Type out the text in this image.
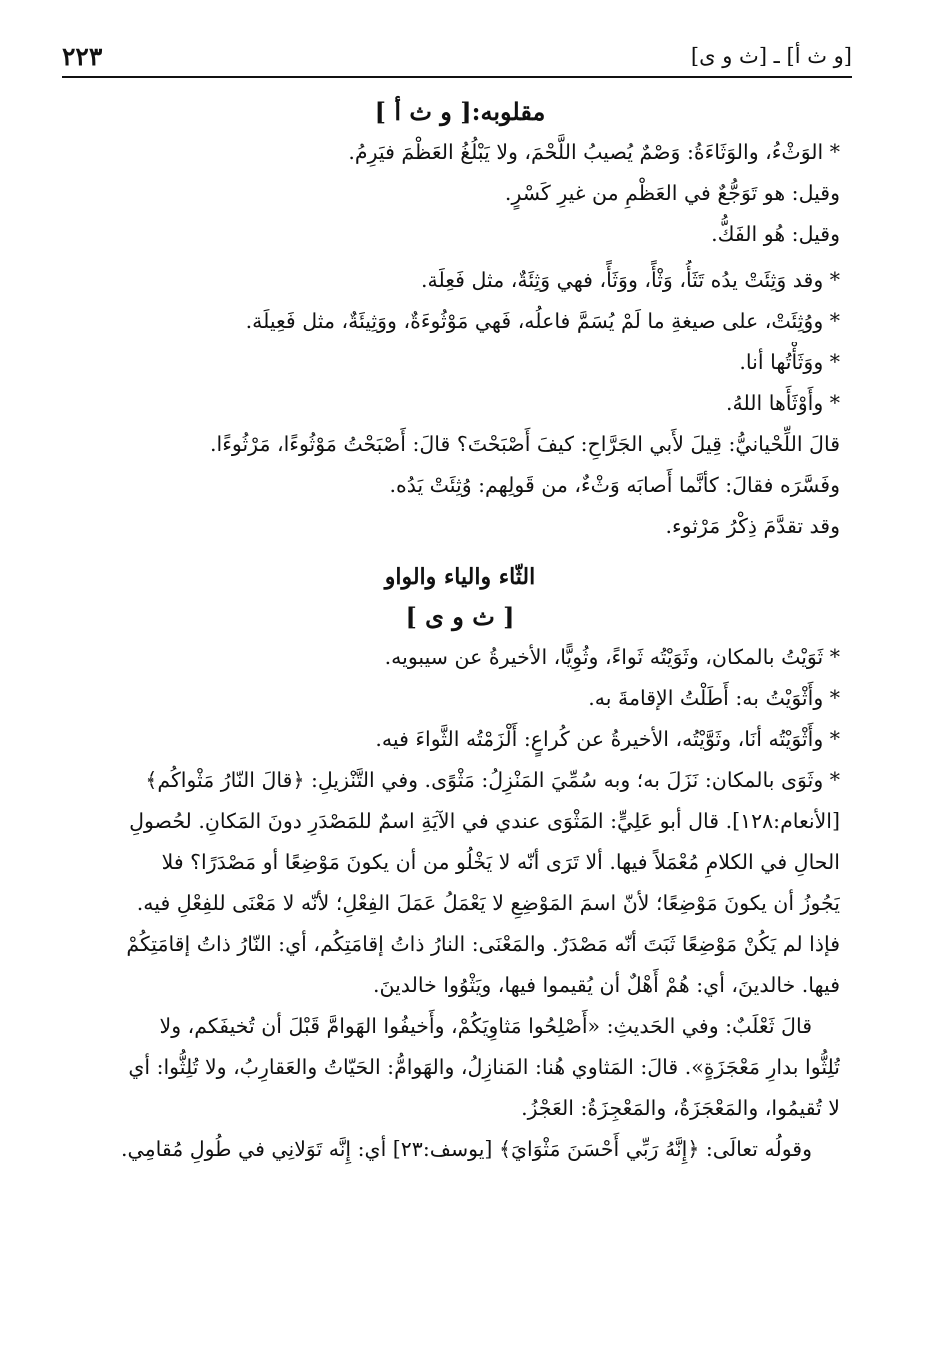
٢٢٣	[و ث أ] ـ [ث و ى]
مقلوبه:[ و ث أ ]

* الوَثْءُ، والوَثَاءَةُ: وَصْمٌ يُصيبُ اللَّحْمَ، ولا يَبْلُغُ العَظْمَ فيَرِمُ.

وقيل: هو تَوَجُّعٌ في العَظْمِ من غيرِ كَسْرٍ.

وقيل: هُو الفَكُّ.

* وقد وَثِئَتْ يدُه تَثَأُ، وَثْأً، ووَثَأً، فهي وَثِئَةٌ، مثل فَعِلَة.

* ووُثِئَتْ، على صيغةِ ما لَمْ يُسَمَّ فاعلُه، فَهي مَوْثُوءَةٌ، ووَثِيئَةٌ، مثل فَعِيلَة.

* ووَثَأْتُها أنا.

* وأَوْثَأَها اللهُ.

قالَ اللِّحْيانيُّ: قِيلَ لأَبي الجَرَّاحِ: كيفَ أَصْبَحْتَ؟ قالَ: أَصْبَحْتُ مَوْثُوءًا، مَرْثُوءًا.

وفَسَّرَه فقالَ: كأنَّما أَصابَه وَثْءٌ، من قَولِهم: وُثِئَتْ يَدُه.

وقد تقدَّمَ ذِكْرُ مَرْثوء.

الثّاء والياء والواو
[ ث و ى ]

* ثَوَيْتُ بالمكان، وثَوَيْتُه ثَواءً، وثُوِيًّا، الأخيرةُ عن سيبويه.

* وأَثْوَيْتُ به: أَطَلْتُ الإقامةَ به.

* وأَثْوَيْتُه أنَا، وثَوَّيْتُه، الأخيرةُ عن كُراعٍ: أَلْزَمْتُه الثَّواءَ فيه.

* وثَوَى بالمكان: نَزَلَ به؛ وبه سُمِّيَ المَنْزِلُ: مَثْوًى. وفي التَّنْزيلِ: ﴿قالَ النّارُ مَثْواكُم﴾

[الأنعام:١٢٨]. قال أبو عَلِيٍّ: المَثْوَى عندي في الآيَةِ اسمٌ للمَصْدَرِ دونَ المَكانِ. لحُصولِ

الحالِ في الكلامِ مُعْمَلاً فيها. ألا تَرَى أنّه لا يَخْلُو من أن يكونَ مَوْضِعًا أو مَصْدَرًا؟ فلا

يَجُوزُ أن يكونَ مَوْضِعًا؛ لأنّ اسمَ المَوْضِعِ لا يَعْمَلُ عَمَلَ الفِعْلِ؛ لأنّه لا مَعْنَى للفِعْلِ فيه.

فإذا لم يَكُنْ مَوْضِعًا ثَبَتَ أنّه مَصْدَرٌ. والمَعْنَى: النارُ ذاتُ إقامَتِكُم، أي: النّارُ ذاتُ إقامَتِكُمْ

فيها. خالدينَ، أي: هُمْ أَهْلٌ أن يُقيموا فيها، ويَثْوُوا خالدينَ.

قالَ ثَعْلَبٌ: وفي الحَديثِ: «أَصْلِحُوا مَثاوِيَكُمْ، وأَخيفُوا الهَوامَّ قَبْلَ أن تُخيفَكم، ولا

تُلِثُّوا بدارِ مَعْجَزَةٍ». قالَ: المَثاوي هُنا: المَنازِلُ، والهَوامُّ: الحَيّاتُ والعَقارِبُ، ولا تُلِثُّوا: أي

لا تُقيمُوا، والمَعْجَزَةُ، والمَعْجِزَةُ: العَجْزُ.

وقولُه تعالَى: ﴿إِنَّهُ رَبِّي أَحْسَنَ مَثْوَايَ﴾ [يوسف:٢٣] أي: إِنَّه تَوَلانِي في طُولِ مُقامِي.
